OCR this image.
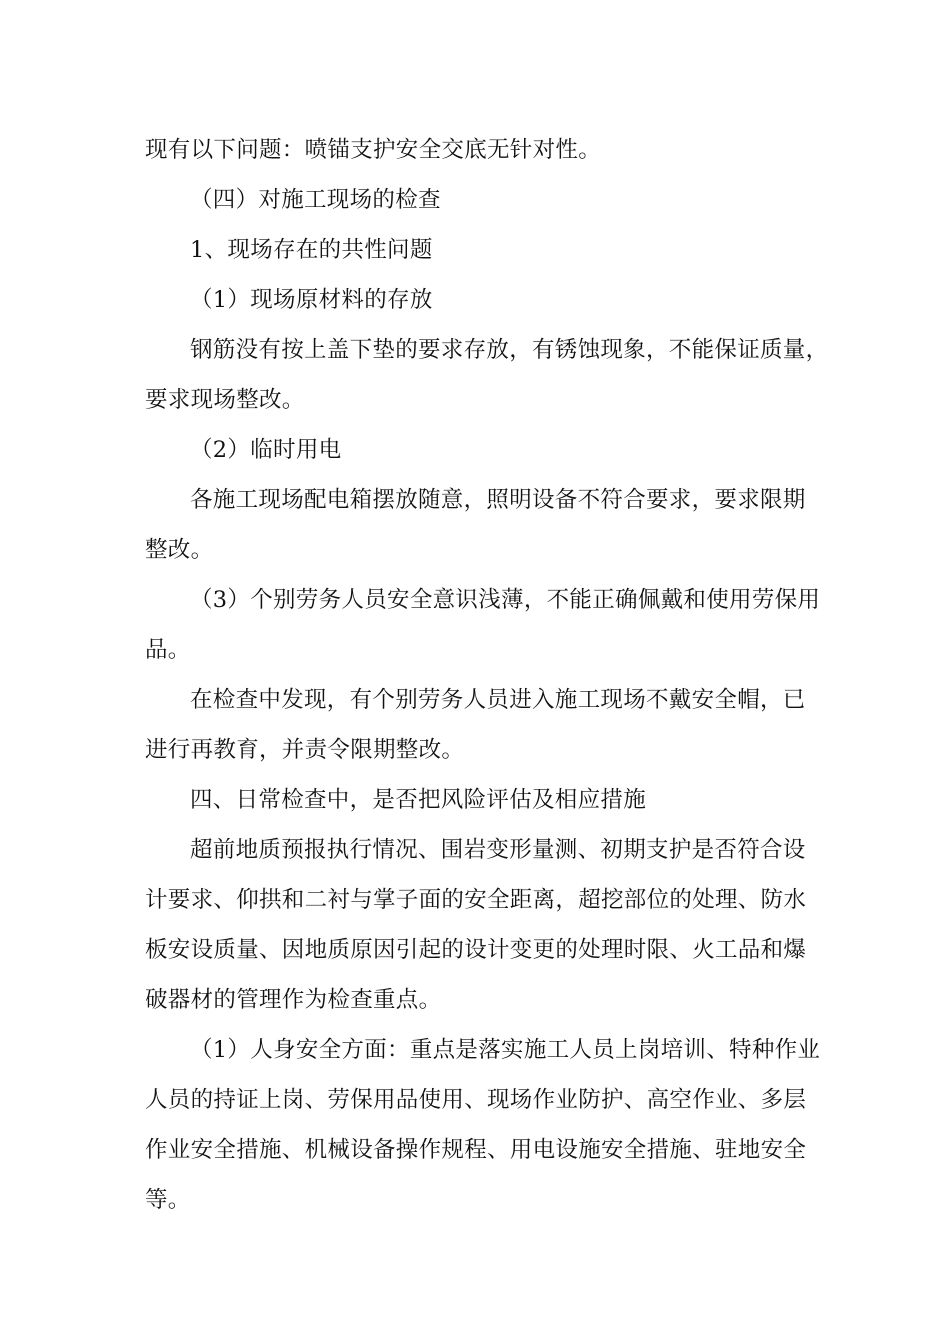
现有以下问题：喷锚支护安全交底无针对性。
（四）对施工现场的检查
1、现场存在的共性问题
（1）现场原材料的存放
钢筋没有按上盖下垫的要求存放，有锈蚀现象，不能保证质量，
要求现场整改。
（2）临时用电
各施工现场配电箱摆放随意，照明设备不符合要求，要求限期
整改。
（3）个别劳务人员安全意识浅薄，不能正确佩戴和使用劳保用
品。
在检查中发现，有个别劳务人员进入施工现场不戴安全帽，已
进行再教育，并责令限期整改。
四、日常检查中，是否把风险评估及相应措施
超前地质预报执行情况、围岩变形量测、初期支护是否符合设
计要求、仰拱和二衬与掌子面的安全距离，超挖部位的处理、防水
板安设质量、因地质原因引起的设计变更的处理时限、火工品和爆
破器材的管理作为检查重点。
（1）人身安全方面：重点是落实施工人员上岗培训、特种作业
人员的持证上岗、劳保用品使用、现场作业防护、高空作业、多层
作业安全措施、机械设备操作规程、用电设施安全措施、驻地安全
等。
